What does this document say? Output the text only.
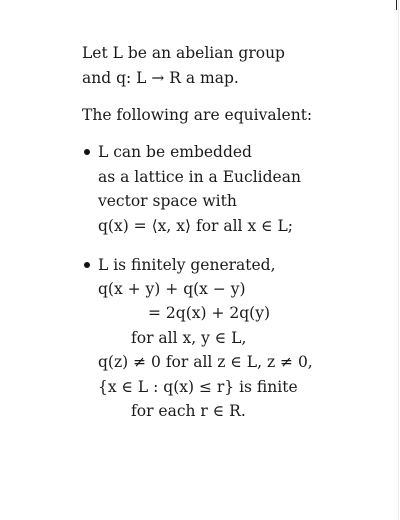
Let L be an abelian group
and q: L → R a map.
The following are equivalent:
L can be embedded
as a lattice in a Euclidean
vector space with
q(x) = ⟨x, x⟩ for all x ∈ L;
L is finitely generated,
q(x + y) + q(x − y)
= 2q(x) + 2q(y)
for all x, y ∈ L,
q(z) ≠ 0 for all z ∈ L, z ≠ 0,
{x ∈ L : q(x) ≤ r} is finite
for each r ∈ R.
